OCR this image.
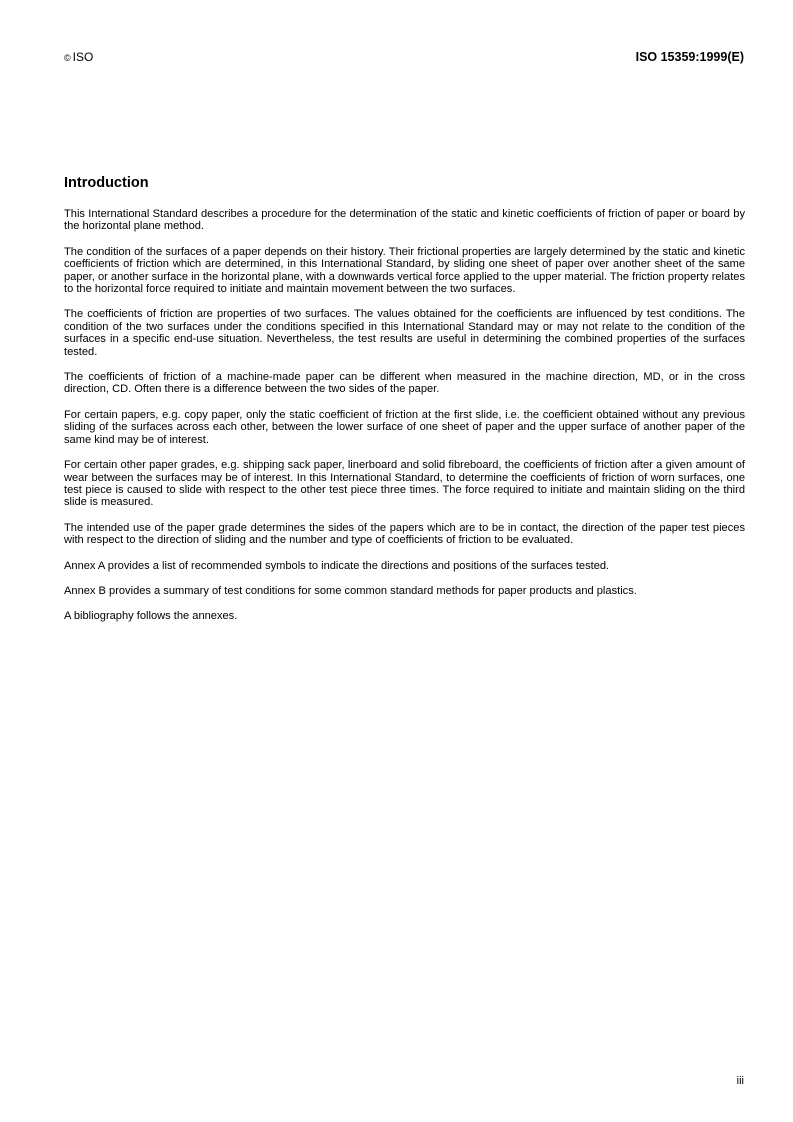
© ISO	ISO 15359:1999(E)
Introduction

This International Standard describes a procedure for the determination of the static and kinetic coefficients of friction of paper or board by the horizontal plane method.

The condition of the surfaces of a paper depends on their history. Their frictional properties are largely determined by the static and kinetic coefficients of friction which are determined, in this International Standard, by sliding one sheet of paper over another sheet of the same paper, or another surface in the horizontal plane, with a downwards vertical force applied to the upper material. The friction property relates to the horizontal force required to initiate and maintain movement between the two surfaces.

The coefficients of friction are properties of two surfaces. The values obtained for the coefficients are influenced by test conditions. The condition of the two surfaces under the conditions specified in this International Standard may or may not relate to the condition of the surfaces in a specific end-use situation. Nevertheless, the test results are useful in determining the combined properties of the surfaces tested.

The coefficients of friction of a machine-made paper can be different when measured in the machine direction, MD, or in the cross direction, CD. Often there is a difference between the two sides of the paper.

For certain papers, e.g. copy paper, only the static coefficient of friction at the first slide, i.e. the coefficient obtained without any previous sliding of the surfaces across each other, between the lower surface of one sheet of paper and the upper surface of another paper of the same kind may be of interest.

For certain other paper grades, e.g. shipping sack paper, linerboard and solid fibreboard, the coefficients of friction after a given amount of wear between the surfaces may be of interest. In this International Standard, to determine the coefficients of friction of worn surfaces, one test piece is caused to slide with respect to the other test piece three times. The force required to initiate and maintain sliding on the third slide is measured.

The intended use of the paper grade determines the sides of the papers which are to be in contact, the direction of the paper test pieces with respect to the direction of sliding and the number and type of coefficients of friction to be evaluated.

Annex A provides a list of recommended symbols to indicate the directions and positions of the surfaces tested.

Annex B provides a summary of test conditions for some common standard methods for paper products and plastics.

A bibliography follows the annexes.

iii
